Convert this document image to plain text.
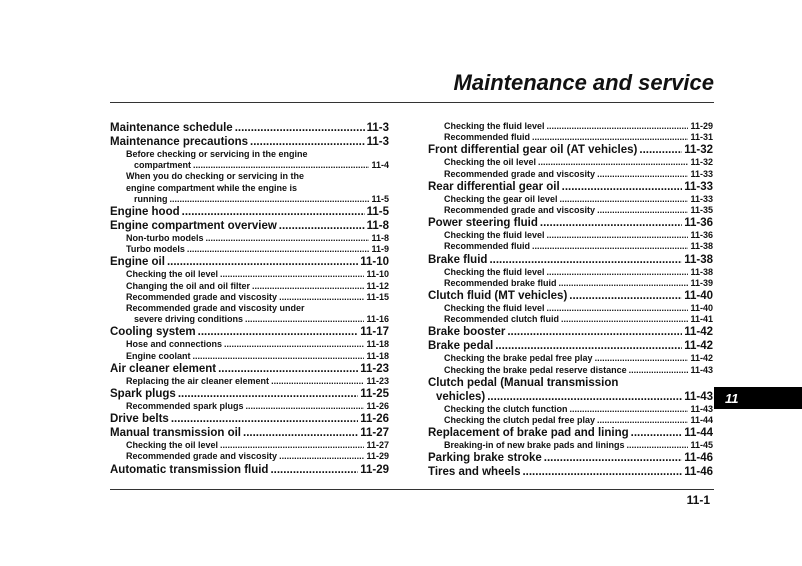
Maintenance and service
Maintenance schedule .....	11-3
Maintenance precautions .....	11-3
Before checking or servicing in the engine
compartment .....	11-4
When you do checking or servicing in the
engine compartment while the engine is
running .....	11-5
Engine hood .....	11-5
Engine compartment overview .....	11-8
Non-turbo models .....	11-8
Turbo models .....	11-9
Engine oil .....	11-10
Checking the oil level .....	11-10
Changing the oil and oil filter .....	11-12
Recommended grade and viscosity .....	11-15
Recommended grade and viscosity under
severe driving conditions .....	11-16
Cooling system .....	11-17
Hose and connections .....	11-18
Engine coolant .....	11-18
Air cleaner element .....	11-23
Replacing the air cleaner element .....	11-23
Spark plugs .....	11-25
Recommended spark plugs .....	11-26
Drive belts .....	11-26
Manual transmission oil .....	11-27
Checking the oil level .....	11-27
Recommended grade and viscosity .....	11-29
Automatic transmission fluid .....	11-29
Checking the fluid level .....	11-29
Recommended fluid .....	11-31
Front differential gear oil (AT vehicles) .....	11-32
Checking the oil level .....	11-32
Recommended grade and viscosity .....	11-33
Rear differential gear oil .....	11-33
Checking the gear oil level .....	11-33
Recommended grade and viscosity .....	11-35
Power steering fluid .....	11-36
Checking the fluid level .....	11-36
Recommended fluid .....	11-38
Brake fluid .....	11-38
Checking the fluid level .....	11-38
Recommended brake fluid .....	11-39
Clutch fluid (MT vehicles) .....	11-40
Checking the fluid level .....	11-40
Recommended clutch fluid .....	11-41
Brake booster .....	11-42
Brake pedal .....	11-42
Checking the brake pedal free play .....	11-42
Checking the brake pedal reserve distance .....	11-43
Clutch pedal (Manual transmission
vehicles) .....	11-43
Checking the clutch function .....	11-43
Checking the clutch pedal free play .....	11-44
Replacement of brake pad and lining .....	11-44
Breaking-in of new brake pads and linings .....	11-45
Parking brake stroke .....	11-46
Tires and wheels .....	11-46
11
11-1
